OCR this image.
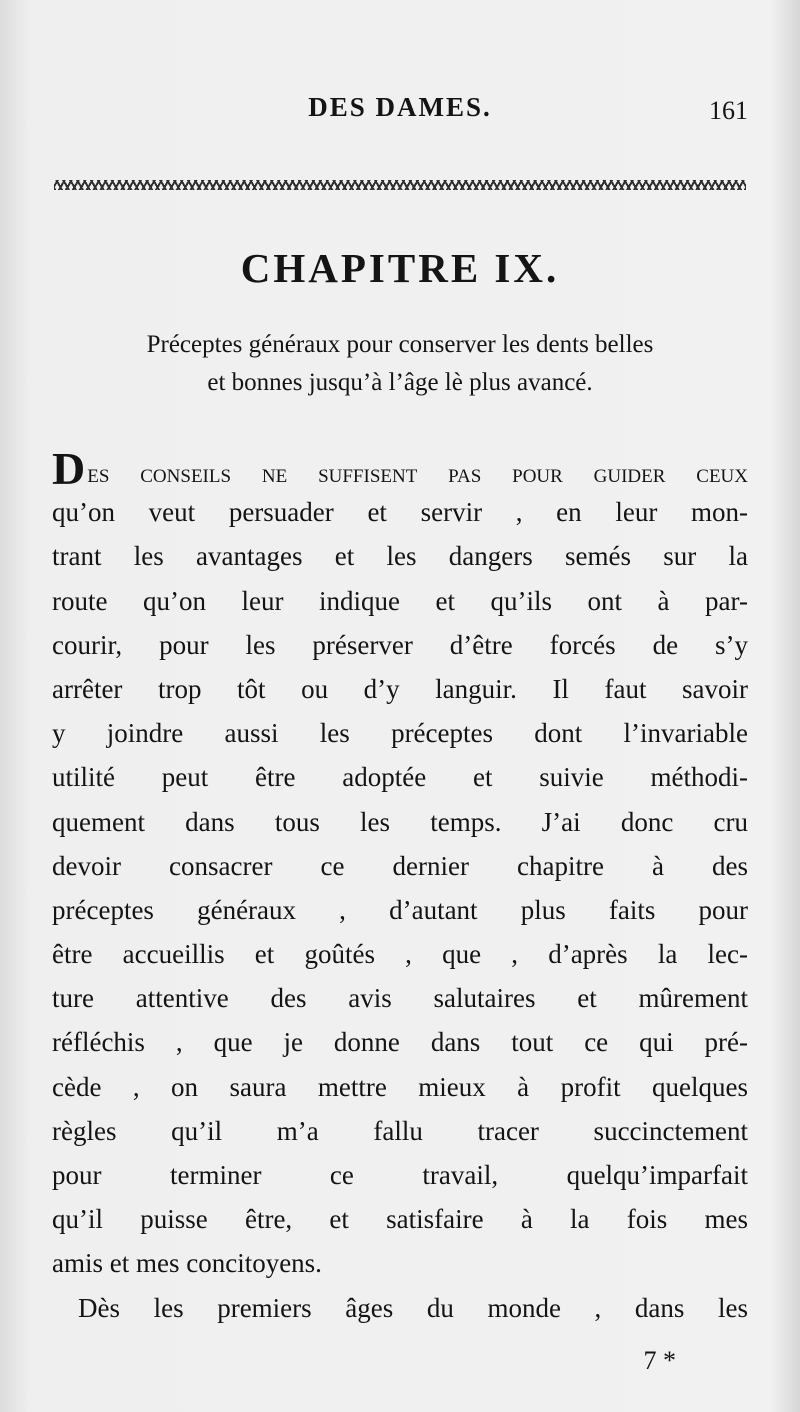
DES DAMES.	161
CHAPITRE IX.
Préceptes généraux pour conserver les dents belles
et bonnes jusqu’à l’âge lè plus avancé.
Des conseils ne suffisent pas pour guider ceux
qu’on veut persuader et servir , en leur mon-
trant les avantages et les dangers semés sur la
route qu’on leur indique et qu’ils ont à par-
courir, pour les préserver d’être forcés de s’y
arrêter trop tôt ou d’y languir. Il faut savoir
y joindre aussi les préceptes dont l’invariable
utilité peut être adoptée et suivie méthodi-
quement dans tous les temps. J’ai donc cru
devoir consacrer ce dernier chapitre à des
préceptes généraux , d’autant plus faits pour
être accueillis et goûtés , que , d’après la lec-
ture attentive des avis salutaires et mûrement
réfléchis , que je donne dans tout ce qui pré-
cède , on saura mettre mieux à profit quelques
règles qu’il m’a fallu tracer succinctement
pour terminer ce travail, quelqu’imparfait
qu’il puisse être, et satisfaire à la fois mes
amis et mes concitoyens.
Dès les premiers âges du monde , dans les
7 *
